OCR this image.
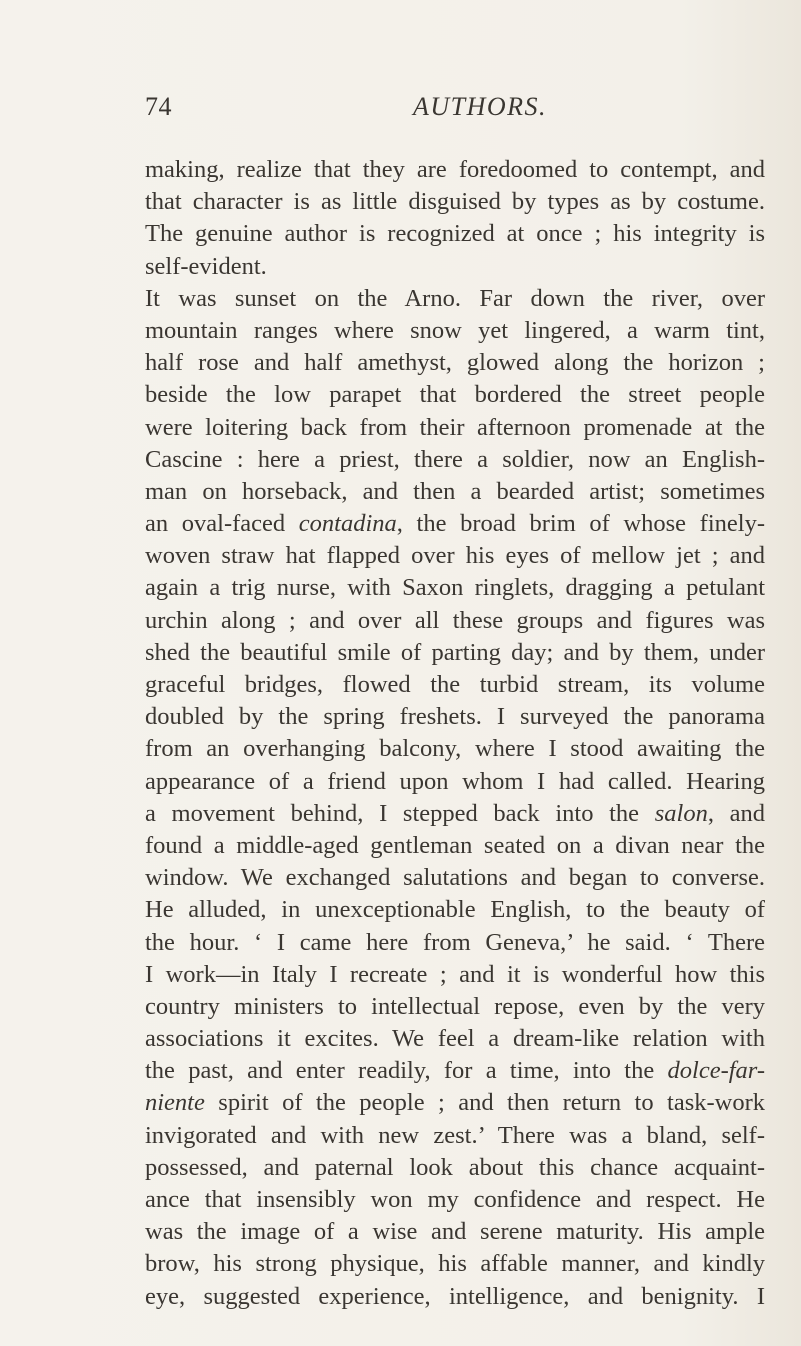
74	AUTHORS.
making, realize that they are foredoomed to contempt, and
that character is as little disguised by types as by costume.
The genuine author is recognized at once ; his integrity is
self-evident.
It was sunset on the Arno. Far down the river, over
mountain ranges where snow yet lingered, a warm tint,
half rose and half amethyst, glowed along the horizon ;
beside the low parapet that bordered the street people
were loitering back from their afternoon promenade at the
Cascine : here a priest, there a soldier, now an English-
man on horseback, and then a bearded artist; sometimes
an oval-faced contadina, the broad brim of whose finely-
woven straw hat flapped over his eyes of mellow jet ; and
again a trig nurse, with Saxon ringlets, dragging a petulant
urchin along ; and over all these groups and figures was
shed the beautiful smile of parting day; and by them, under
graceful bridges, flowed the turbid stream, its volume
doubled by the spring freshets. I surveyed the panorama
from an overhanging balcony, where I stood awaiting the
appearance of a friend upon whom I had called. Hearing
a movement behind, I stepped back into the salon, and
found a middle-aged gentleman seated on a divan near the
window. We exchanged salutations and began to converse.
He alluded, in unexceptionable English, to the beauty of
the hour. ‘ I came here from Geneva,’ he said. ‘ There
I work—in Italy I recreate ; and it is wonderful how this
country ministers to intellectual repose, even by the very
associations it excites. We feel a dream-like relation with
the past, and enter readily, for a time, into the dolce-far-
niente spirit of the people ; and then return to task-work
invigorated and with new zest.’ There was a bland, self-
possessed, and paternal look about this chance acquaint-
ance that insensibly won my confidence and respect. He
was the image of a wise and serene maturity. His ample
brow, his strong physique, his affable manner, and kindly
eye, suggested experience, intelligence, and benignity. I
